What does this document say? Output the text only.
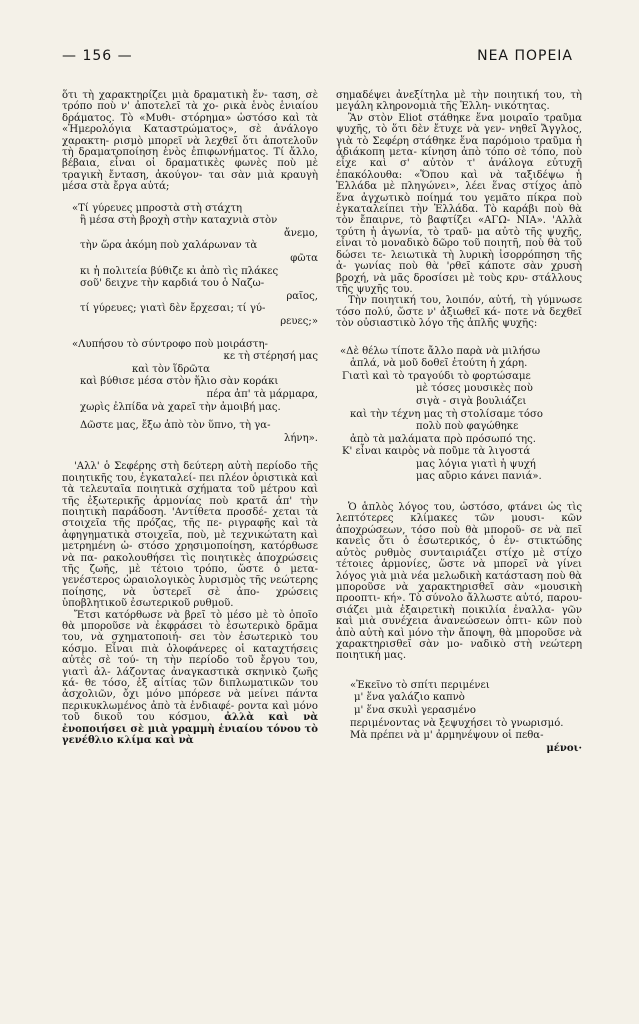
— 156 —	ΝΕΑ ΠΟΡΕΙΑ

ὅτι τὴ χαρακτηρίζει μιὰ δραματικὴ ἔν- ταση, σὲ τρόπο ποὺ ν' ἀποτελεῖ τὰ χο- ρικὰ ἑνὸς ἑνιαίου δράματος. Τὸ «Μυθι- στόρημα» ὡστόσο καὶ τὰ «Ἡμερολόγια Καταστρώματος», σὲ ἀνάλογο χαρακτη- ρισμὸ μπορεῖ νὰ λεχθεῖ ὅτι ἀποτελοῦν τὴ δραματοποίηση ἑνὸς ἐπιφωνήματος. Τί ἄλλο, βέβαια, εἶναι οἱ δραματικὲς φωνὲς ποὺ μὲ τραγικὴ ἔνταση, ἀκούγον- ται σὰν μιὰ κραυγὴ μέσα στὰ ἔργα αὐτά;

«Τί γύρευες μπροστὰ στὴ στάχτη
ἢ μέσα στὴ βροχὴ στὴν καταχνιὰ στὸν
ἄνεμο,
τὴν ὥρα ἀκόμη ποὺ χαλάρωναν τὰ
φῶτα
κι ἡ πολιτεία βύθιζε κι ἀπὸ τὶς πλάκες
σοῦ' δειχνε τὴν καρδιά του ὁ Ναζω-
ραῖος,
τί γύρευες; γιατὶ δὲν ἔρχεσαι; τί γύ-
ρευες;»
«Λυπήσου τὸ σύντροφο ποὺ μοιράστη-
κε τὴ στέρησή μας
καὶ τὸν ἵδρῶτα
καὶ βύθισε μέσα στὸν ἥλιο σὰν κοράκι
πέρα ἀπ' τὰ μάρμαρα,
χωρὶς ἐλπίδα νὰ χαρεῖ τὴν ἀμοιβή μας.
Δῶστε μας, ἔξω ἀπὸ τὸν ὕπνο, τὴ γα-
λήνη».

'Αλλ' ὁ Σεφέρης στὴ δεύτερη αὐτὴ περίοδο τῆς ποιητικῆς του, ἐγκαταλεί- πει πλέον ὁριστικὰ καὶ τὰ τελευταῖα ποιητικὰ σχήματα τοῦ μέτρου καὶ τῆς ἐξωτερικῆς ἁρμονίας ποὺ κρατᾶ ἀπ' τὴν ποιητικὴ παράδοση. 'Αντίθετα προσδέ- χεται τὰ στοιχεῖα τῆς πρόζας, τῆς πε- ριγραφῆς καὶ τὰ ἀφηγηματικὰ στοιχεῖα, ποὺ, μὲ τεχνικώτατη καὶ μετρημένη ὡ- στόσο χρησιμοποίηση, κατόρθωσε νὰ πα- ρακολουθήσει τὶς ποιητικὲς ἀποχρώσεις τῆς ζωῆς, μὲ τέτοιο τρόπο, ὥστε ὁ μετα- γενέστερος ὡραιολογικὸς λυρισμὸς τῆς νεώτερης ποίησης, νὰ ὑστερεῖ σὲ ἀπο- χρώσεις ὑποβλητικοῦ ἐσωτερικοῦ ρυθμοῦ.

Ἔτσι κατόρθωσε νὰ βρεῖ τὸ μέσο μὲ τὸ ὁποῖο θὰ μποροῦσε νὰ ἐκφράσει τὸ ἐσωτερικὸ δρᾶμα του, νὰ σχηματοποιή- σει τὸν ἐσωτερικὸ του κόσμο. Εἶναι πιὰ ὁλοφάνερες οἱ καταχτήσεις αὐτὲς σὲ τού- τη τὴν περίοδο τοῦ ἔργου του, γιατὶ ἀλ- λάζοντας ἀναγκαστικὰ σκηνικὸ ζωῆς κά- θε τόσο, ἐξ αἰτίας τῶν διπλωματικῶν του ἀσχολιῶν, ὄχι μόνο μπόρεσε νὰ μείνει πάντα περικυκλωμένος ἀπὸ τὰ ἐνδιαφέ- ροντα καὶ μόνο τοῦ δικοῦ του κόσμου, ἀλλὰ καὶ νὰ ἐνοποιήσει σὲ μιὰ γραμμὴ ἑνιαίου τόνου τὸ γενέθλιο κλίμα καὶ νὰ

σημαδέψει ἀνεξίτηλα μὲ τὴν ποιητική του, τὴ μεγάλη κληρονομιὰ τῆς Ἑλλη- νικότητας.

Ἂν στὸν Eliot στάθηκε ἕνα μοιραῖο τραῦμα ψυχῆς, τὸ ὅτι δὲν ἔτυχε νὰ γεν- νηθεῖ Ἄγγλος, γιὰ τὸ Σεφέρη στάθηκε ἕνα παρόμοιο τραῦμα ἡ ἀδιάκοπη μετα- κίνηση ἀπὸ τόπο σὲ τόπο, ποὺ εἶχε καὶ σ' αὐτὸν τ' ἀνάλογα εὐτυχῆ ἐπακόλουθα: «Ὅπου καὶ νὰ ταξιδέψω ἡ Ἑλλάδα μὲ πληγώνει», λέει ἕνας στίχος ἀπὸ ἕνα ἀγχωτικὸ ποίημά του γεμᾶτο πίκρα ποὺ ἐγκαταλείπει τὴν Ἑλλάδα. Τὸ καράβι ποὺ θὰ τὸν ἔπαιρνε, τὸ βαφτίζει «ΑΓΩ- ΝΙΑ». 'Αλλὰ τούτη ἡ ἀγωνία, τὸ τραῦ- μα αὐτὸ τῆς ψυχῆς, εἶναι τὸ μοναδικὸ δῶρο τοῦ ποιητῆ, ποὺ θὰ τοῦ δώσει τε- λειωτικὰ τὴ λυρικὴ ἰσορρόπηση τῆς ἀ- γωνίας ποὺ θὰ 'ρθεῖ κάποτε σὰν χρυσὴ βροχή, νὰ μᾶς δροσίσει μὲ τοὺς κρυ- στάλλους τῆς ψυχῆς του.

Τὴν ποιητική του, λοιπόν, αὐτή, τὴ γύμνωσε τόσο πολύ, ὥστε ν' ἀξιωθεῖ κά- ποτε νὰ δεχθεῖ τὸν οὐσιαστικὸ λόγο τῆς ἁπλῆς ψυχῆς:

«Δὲ θέλω τίποτε ἄλλο παρὰ νὰ μιλήσω
ἁπλά, νὰ μοῦ δοθεῖ ἐτούτη ἡ χάρη.
Γιατὶ καὶ τὸ τραγούδι τὸ φορτώσαμε
μὲ τόσες μουσικὲς ποὺ
σιγὰ - σιγὰ βουλιάζει
καὶ τὴν τέχνη μας τὴ στολίσαμε τόσο
πολὺ ποὺ φαγώθηκε
ἀπὸ τὰ μαλάματα πρὸ πρόσωπό της.
Κ' εἶναι καιρὸς νὰ ποῦμε τὰ λιγοστά
μας λόγια γιατὶ ἡ ψυχή
μας αὔριο κάνει πανιά».

Ὁ ἁπλὸς λόγος του, ὡστόσο, φτάνει ὡς τὶς λεπτότερες κλίμακες τῶν μουσι- κῶν ἀποχρώσεων, τόσο ποὺ θὰ μποροῦ- σε νὰ πεῖ κανεὶς ὅτι ὁ ἐσωτερικός, ὁ ἐν- στικτώδης αὐτὸς ρυθμὸς συνταιριάζει στίχο μὲ στίχο τέτοιες ἁρμονίες, ὥστε νὰ μπορεῖ νὰ γίνει λόγος γιὰ μιὰ νέα μελωδικὴ κατάσταση ποὺ θὰ μποροῦσε νὰ χαρακτηρισθεῖ σὰν «μουσικὴ προοπτι- κή». Τὸ σύνολο ἄλλωστε αὐτό, παρου- σιάζει μιὰ ἐξαιρετικὴ ποικιλία ἐναλλα- γῶν καὶ μιὰ συνέχεια ἀνανεώσεων ὀπτι- κῶν ποὺ ἀπὸ αὐτὴ καὶ μόνο τὴν ἄποψη, θὰ μποροῦσε νὰ χαρακτηρισθεῖ σὰν μο- ναδικὸ στὴ νεώτερη ποιητική μας.

«Ἐκεῖνο τὸ σπίτι περιμένει
μ' ἕνα γαλάζιο καπνὸ
μ' ἕνα σκυλὶ γερασμένο
περιμένοντας νὰ ξεψυχήσει τὸ γνωρισμό.
Μὰ πρέπει νὰ μ' ἀρμηνέψουν οἱ πεθα-
μένοι·
